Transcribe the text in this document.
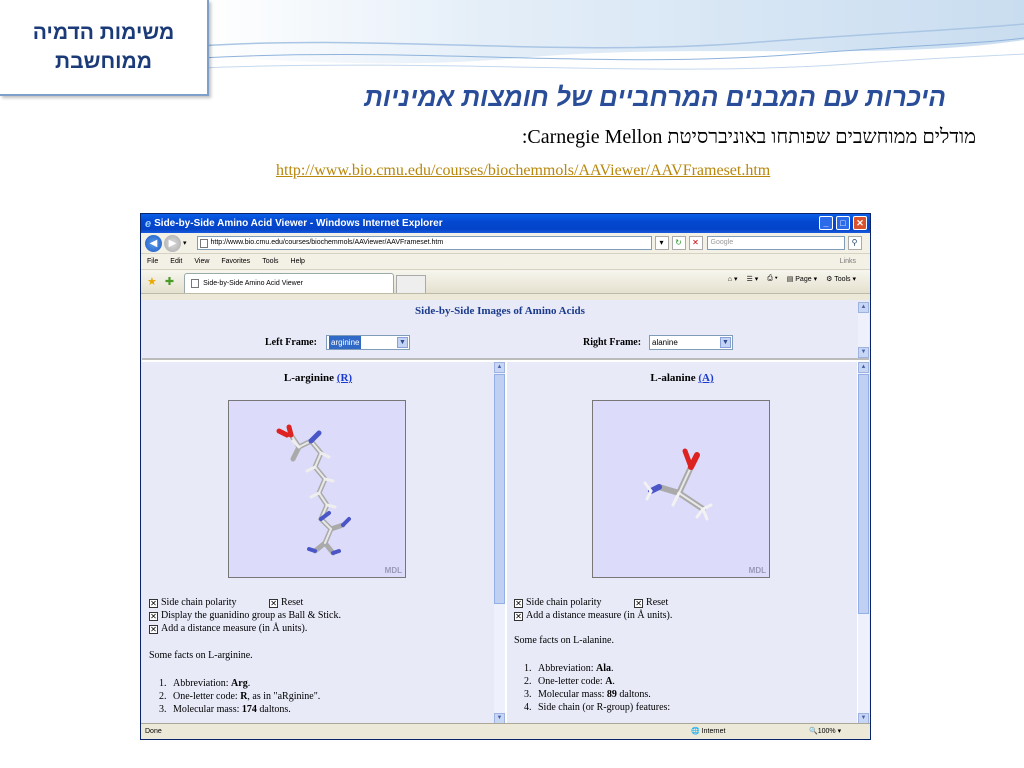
משימות הדמיה
ממוחשבת
היכרות עם המבנים המרחביים של חומצות אמיניות
מודלים ממוחשבים שפותחו באוניברסיטת Carnegie Mellon:
http://www.bio.cmu.edu/courses/biochemmols/AAViewer/AAVFrameset.htm
e Side-by-Side Amino Acid Viewer - Windows Internet Explorer	_	□	✕
◀	▶ ▾	http://www.bio.cmu.edu/courses/biochemmols/AAViewer/AAVFrameset.htm	▾	↻	✕	Google	⚲
File Edit View Favorites Tools Help	Links
★ ✚	Side-by-Side Amino Acid Viewer
⌂ ▾ ☰ ▾ ⎙ ▾ ▤ Page ▾ ⚙ Tools ▾
Side-by-Side Images of Amino Acids
Left Frame:	arginine	▼	Right Frame:	alanine	▼
▲
▼
L-arginine (R)
MDL
✕ Side chain polarity	✕ Reset
✕ Display the guanidino group as Ball & Stick.
✕ Add a distance measure (in Å units).
Some facts on L-arginine.
1. Abbreviation: Arg.
2. One-letter code: R, as in "aRginine".
3. Molecular mass: 174 daltons.
▲
▼
L-alanine (A)
MDL
✕ Side chain polarity	✕ Reset
✕ Add a distance measure (in Å units).
Some facts on L-alanine.
1. Abbreviation: Ala.
2. One-letter code: A.
3. Molecular mass: 89 daltons.
4. Side chain (or R-group) features:
▲
▼
Done	🌐 Internet	🔍100% ▾
